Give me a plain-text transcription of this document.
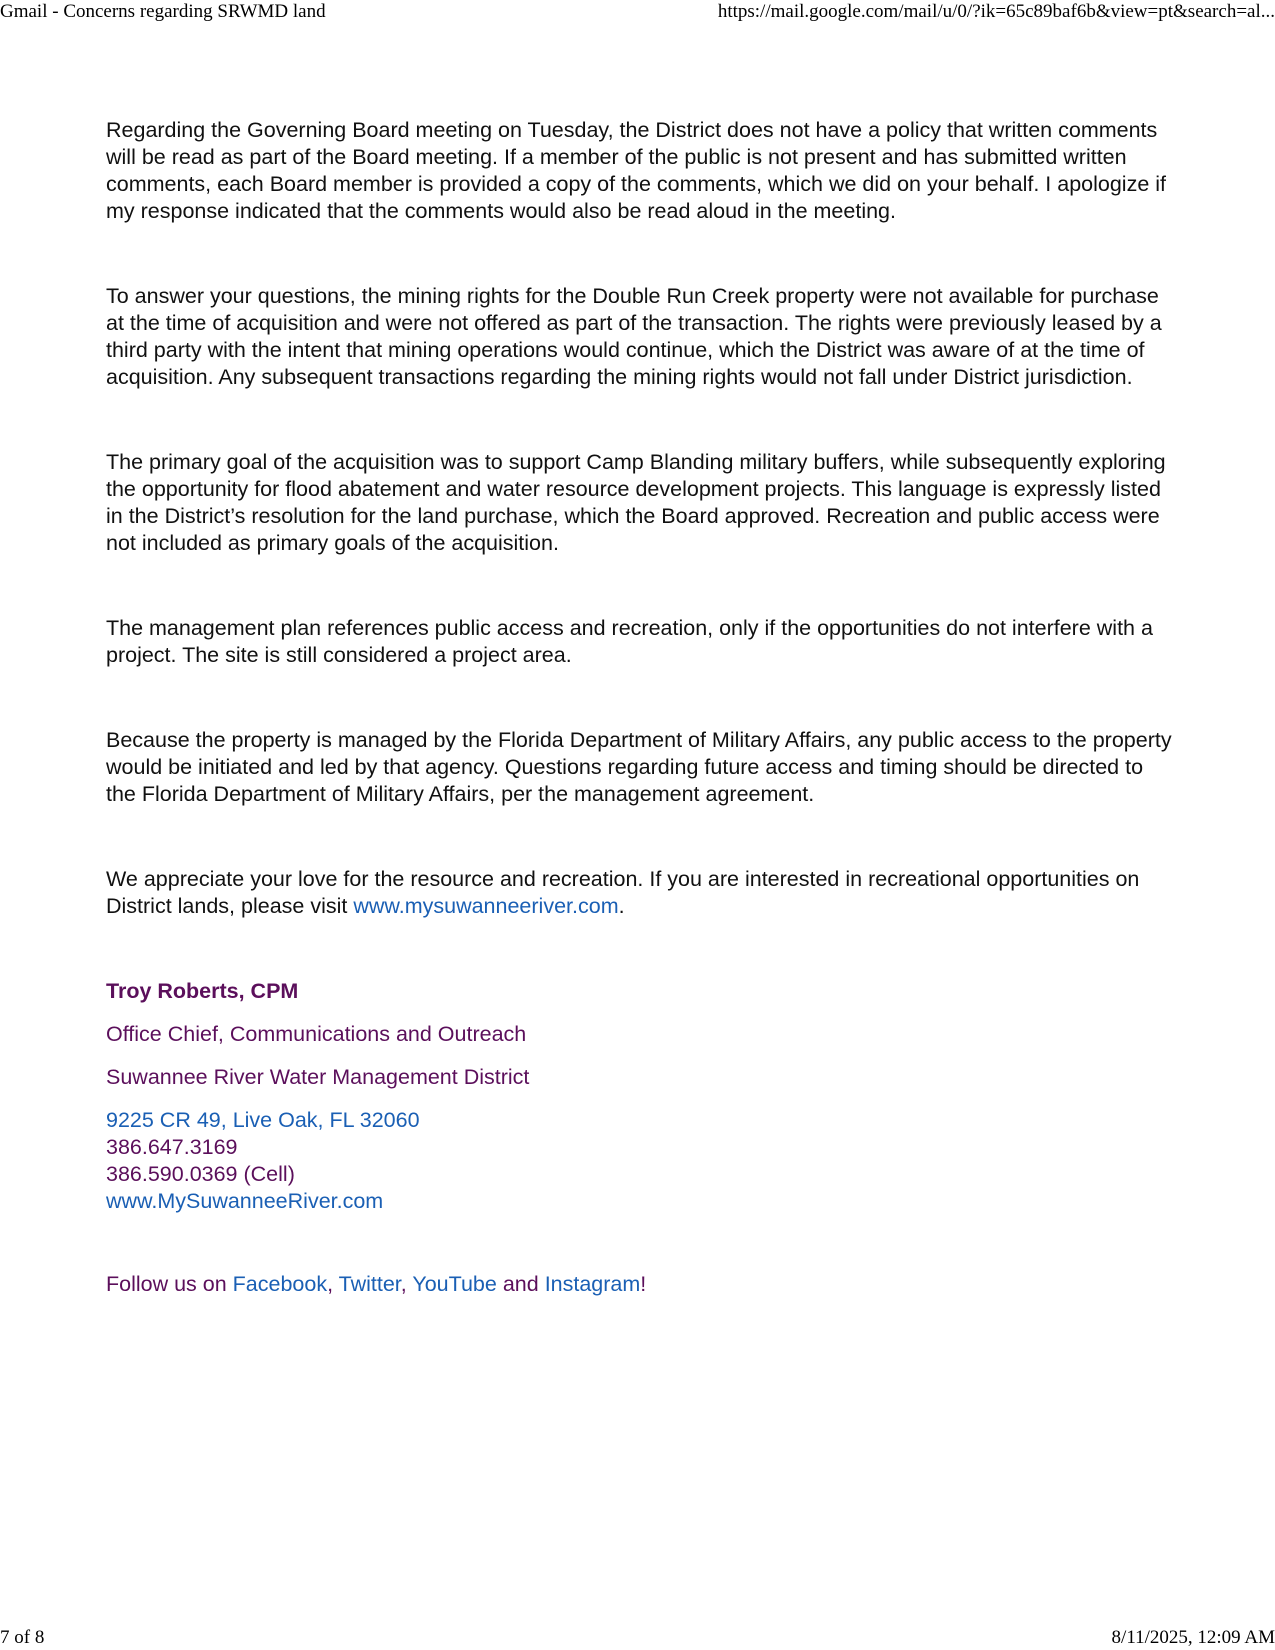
Gmail - Concerns regarding SRWMD land	https://mail.google.com/mail/u/0/?ik=65c89baf6b&view=pt&search=al...

Regarding the Governing Board meeting on Tuesday, the District does not have a policy that written comments will be read as part of the Board meeting. If a member of the public is not present and has submitted written comments, each Board member is provided a copy of the comments, which we did on your behalf. I apologize if my response indicated that the comments would also be read aloud in the meeting.

To answer your questions, the mining rights for the Double Run Creek property were not available for purchase at the time of acquisition and were not offered as part of the transaction. The rights were previously leased by a third party with the intent that mining operations would continue, which the District was aware of at the time of acquisition. Any subsequent transactions regarding the mining rights would not fall under District jurisdiction.

The primary goal of the acquisition was to support Camp Blanding military buffers, while subsequently exploring the opportunity for flood abatement and water resource development projects. This language is expressly listed in the District’s resolution for the land purchase, which the Board approved. Recreation and public access were not included as primary goals of the acquisition.

The management plan references public access and recreation, only if the opportunities do not interfere with a project. The site is still considered a project area.

Because the property is managed by the Florida Department of Military Affairs, any public access to the property would be initiated and led by that agency. Questions regarding future access and timing should be directed to the Florida Department of Military Affairs, per the management agreement.

We appreciate your love for the resource and recreation. If you are interested in recreational opportunities on District lands, please visit www.mysuwanneeriver.com.

Troy Roberts, CPM
Office Chief, Communications and Outreach
Suwannee River Water Management District
9225 CR 49, Live Oak, FL 32060
386.647.3169
386.590.0369 (Cell)
www.MySuwanneeRiver.com
Follow us on Facebook, Twitter, YouTube and Instagram!
7 of 8	8/11/2025, 12:09 AM
